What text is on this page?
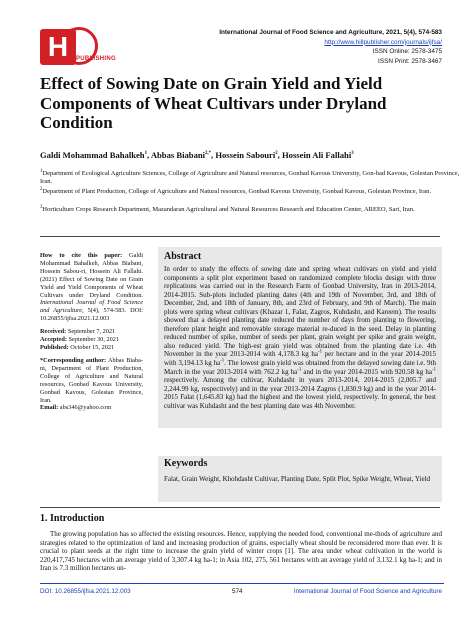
H	PUBLISHING
International Journal of Food Science and Agriculture, 2021, 5(4), 574-583
http://www.hillpublisher.com/journals/ijfsa/
ISSN Online: 2578-3475
ISSN Print: 2578-3467
Effect of Sowing Date on Grain Yield and Yield
Components of Wheat Cultivars under Dryland
Condition
Galdi Mohammad Bahalkeh$^1$, Abbas Biabani$^{2,*}$, Hossein Sabouri$^2$, Hossein Ali Fallahi$^3$
$^1$Department of Ecological Agriculture Sciences, College of Agriculture and Natural resources, Gonbad Kavous University, Gon-bad Kavous, Golestan Province, Iran.
$^2$Department of Plant Production, College of Agriculture and Natural resources, Gonbad Kavous University, Gonbad Kavous, Golestan Province, Iran.
$^3$Horticulture Crops Research Department, Mazandaran Agricultural and Natural Resources Research and Education Center, AREEO, Sari, Iran.
How to cite this paper: Galdi Mohammad Bahalkeh, Abbas Biabani, Hossein Sabou-ri, Hossein Ali Fallahi. (2021) Effect of Sowing Date on Grain Yield and Yield Components of Wheat Cultivars under Dryland Condition. International Journal of Food Science and Agriculture, 5(4), 574-583. DOI: 10.26855/ijfsa.2021.12.003
Received: September 7, 2021
Accepted: September 30, 2021
Published: October 15, 2021
*Corresponding author: Abbas Biaba-ni, Department of Plant Production, College of Agriculture and Natural resources, Gonbad Kavous University, Gonbad Kavous, Golestan Province, Iran.
Email: abs346@yahoo.com
Abstract
In order to study the effects of sowing date and spring wheat cultivars on yield and yield components a split plot experiment based on randomized complete blocks design with three replications was carried out in the Research Farm of Gonbad University, Iran in 2013-2014, 2014-2015. Sub-plots included planting dates (4th and 19th of November, 3rd, and 18th of December, 2nd, and 18th of January, 8th, and 23rd of February, and 9th of March). The main plots were spring wheat cultivars (Khazar 1, Falat, Zagros, Kuhdasht, and Kareem). The results showed that a delayed planting date reduced the number of days from planting to flowering, therefore plant height and removable storage material re-duced in the seed. Delay in planting reduced number of spike, number of seeds per plant, grain weight per spike and grain weight, also reduced yield. The high-est grain yield was obtained from the planting date i.e. 4th November in the year 2013-2014 with 4,178.3 kg $ha^{-1}$ per hectare and in the year 2014-2015 with 3,194.13 kg $ha^{-1}$. The lowest grain yield was obtained from the delayed sowing date i.e. 9th March in the year 2013-2014 with 762.2 kg $ha^{-1}$ and in the year 2014-2015 with 920.58 kg $ha^{-1}$ respectively. Among the cultivar, Kuhdasht in years 2013-2014, 2014-2015 (2,005.7 and 2,244.99 kg, respectively) and in the year 2013-2014 Zagros (1,830.9 kg) and in the year 2014-2015 Falat (1,645.83 kg) had the highest and the lowest yield, respectively. In general, the best cultivar was Kuhdasht and the best planting date was 4th November.
Keywords
Falat, Grain Weight, Khohdasht Cultivar, Planting Date, Split Plot, Spike Weight, Wheat, Yield
1. Introduction
The growing population has so affected the existing resources. Hence, supplying the needed food, conventional me-thods of agriculture and strategies related to the optimization of land and increasing production of grains, especially wheat should be reconsidered more than ever. It is crucial to plant seeds at the right time to increase the grain yield of winter crops [1]. The area under wheat cultivation in the world is 220,417,745 hectares with an average yield of 3,307.4 kg ha-1; in Asia 102, 275, 561 hectares with an average yield of 3,132.1 kg ha-1; and in Iran is 7.3 million hectares un-
DOI: 10.26855/ijfsa.2021.12.003	574	International Journal of Food Science and Agriculture
